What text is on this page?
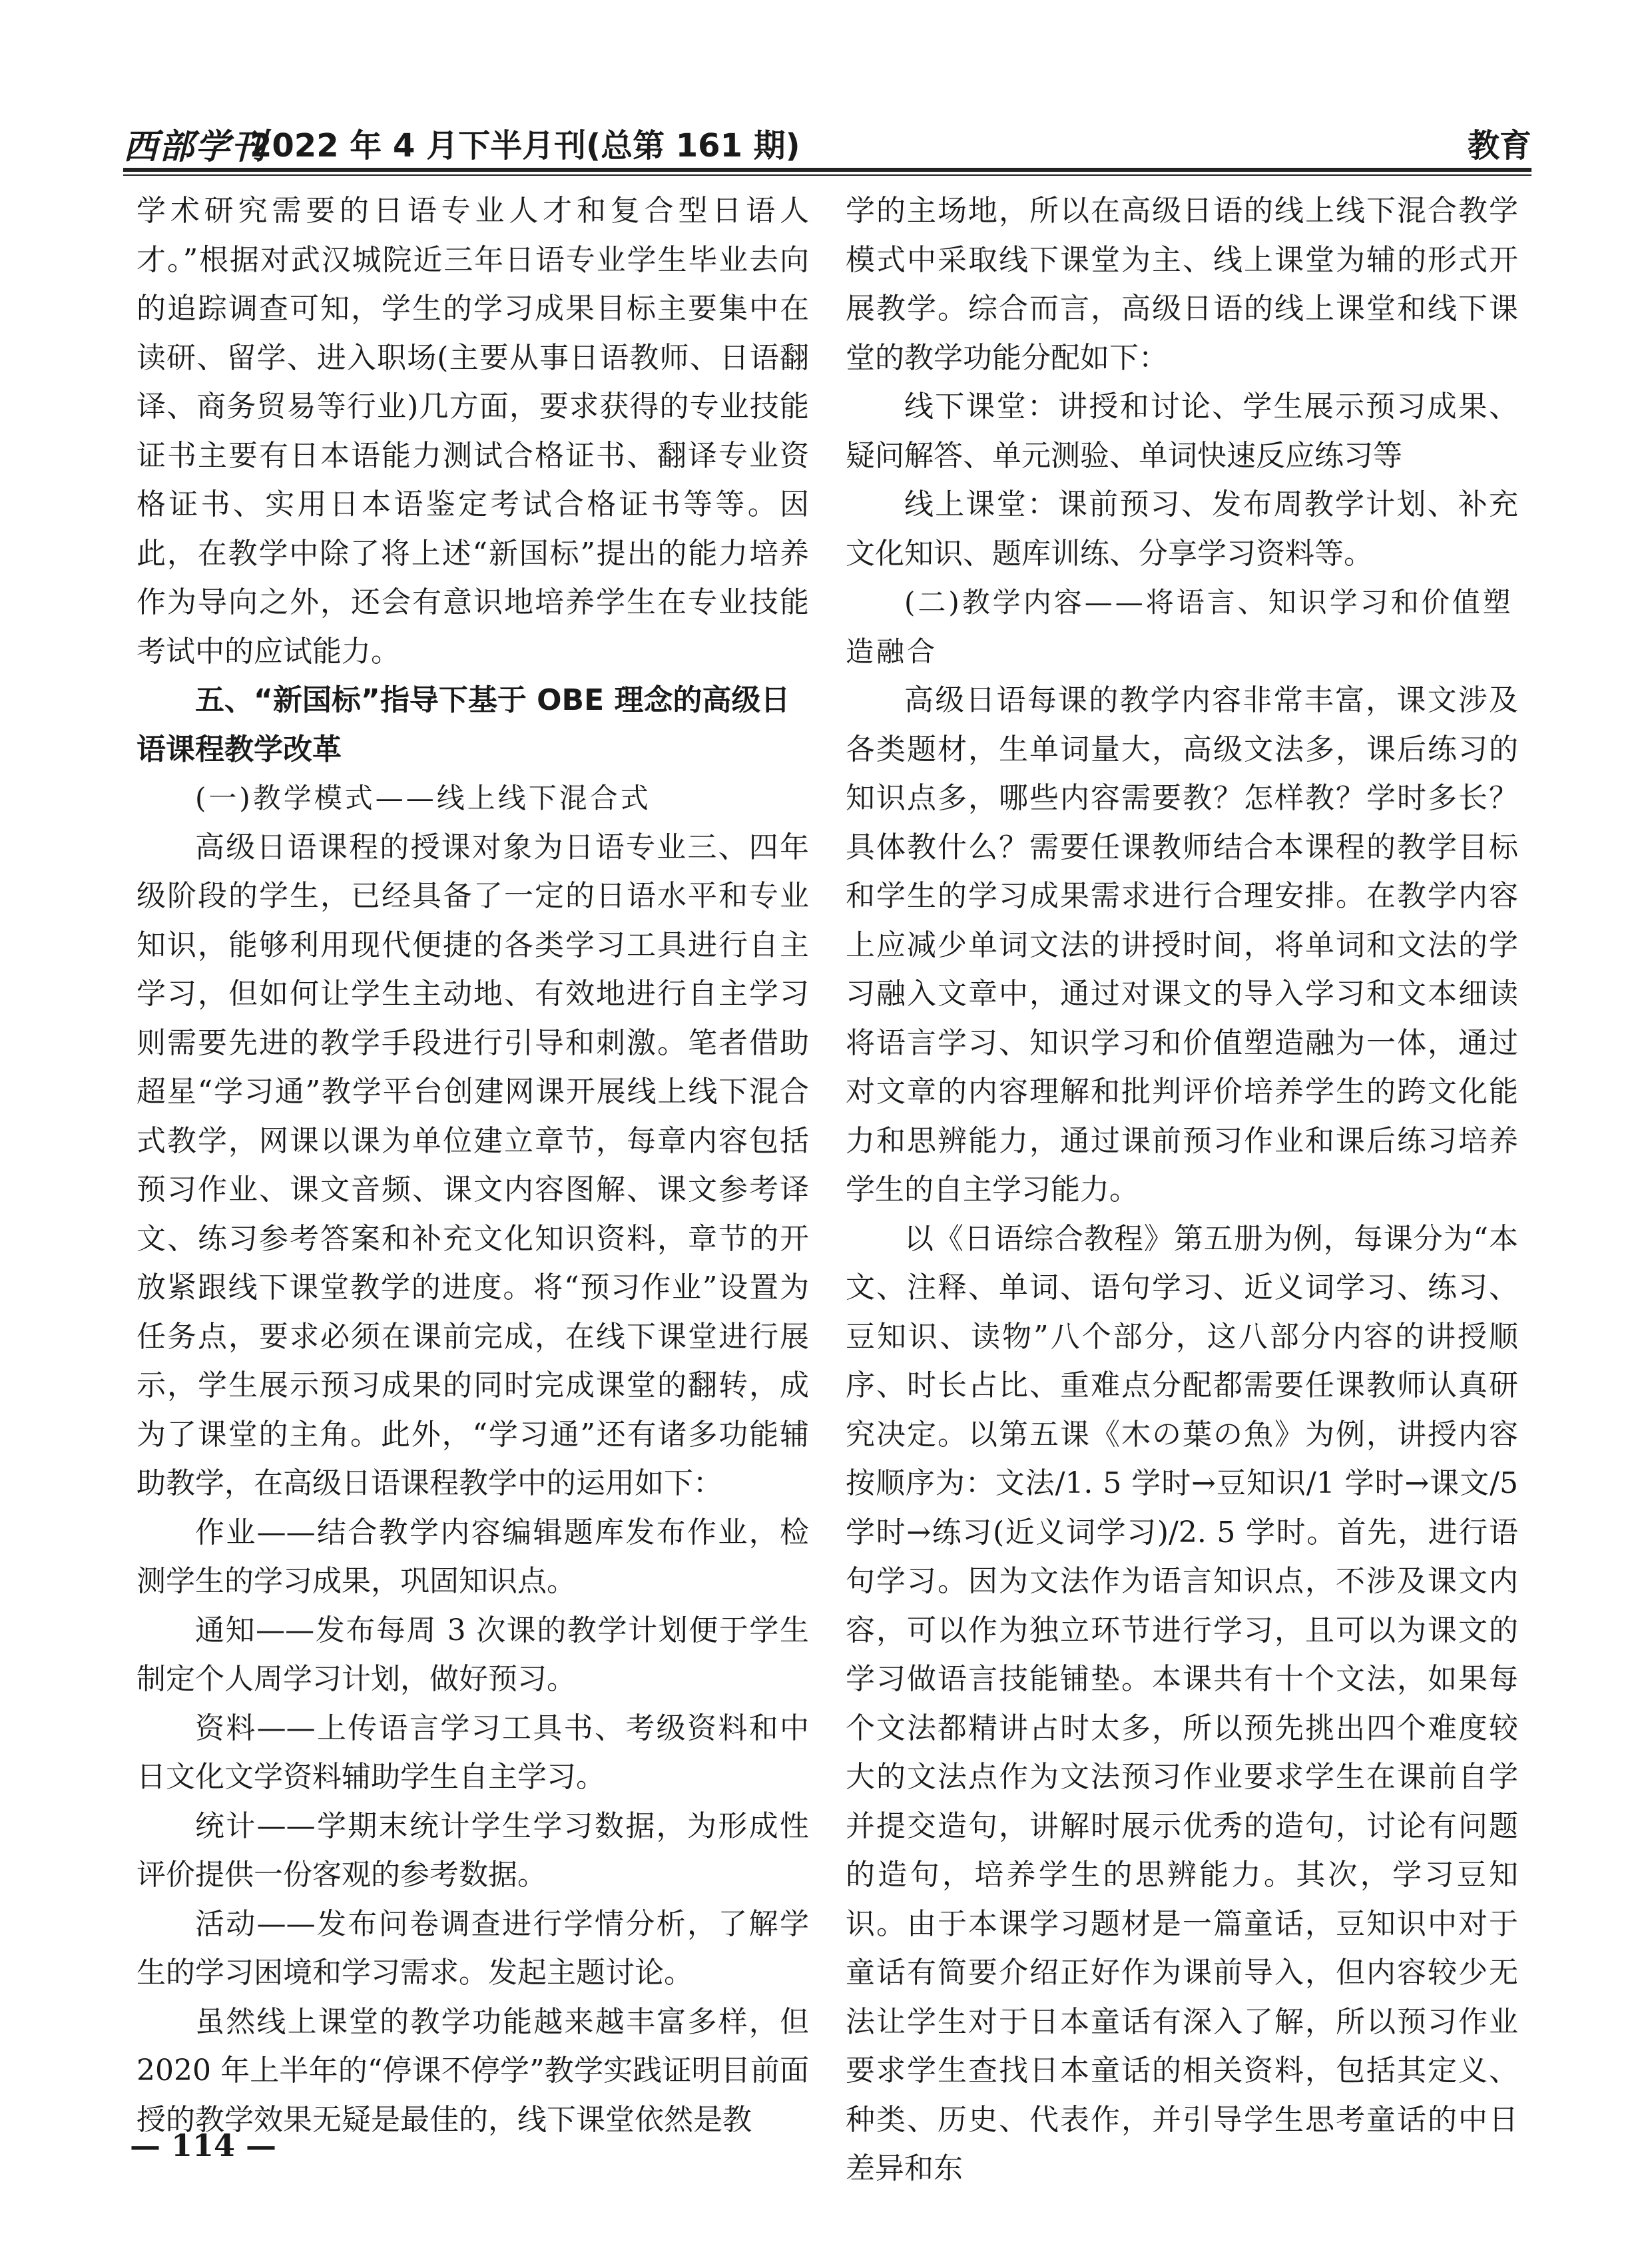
西部学刊
2022 年 4 月下半月刊(总第 161 期)	教育

学术研究需要的日语专业人才和复合型日语人才。”根据对武汉城院近三年日语专业学生毕业去向的追踪调查可知，学生的学习成果目标主要集中在读研、留学、进入职场(主要从事日语教师、日语翻译、商务贸易等行业)几方面，要求获得的专业技能证书主要有日本语能力测试合格证书、翻译专业资格证书、实用日本语鉴定考试合格证书等等。因此，在教学中除了将上述“新国标”提出的能力培养作为导向之外，还会有意识地培养学生在专业技能考试中的应试能力。

五、“新国标”指导下基于 OBE 理念的高级日语课程教学改革

(一)教学模式——线上线下混合式

高级日语课程的授课对象为日语专业三、四年级阶段的学生，已经具备了一定的日语水平和专业知识，能够利用现代便捷的各类学习工具进行自主学习，但如何让学生主动地、有效地进行自主学习则需要先进的教学手段进行引导和刺激。笔者借助超星“学习通”教学平台创建网课开展线上线下混合式教学，网课以课为单位建立章节，每章内容包括预习作业、课文音频、课文内容图解、课文参考译文、练习参考答案和补充文化知识资料，章节的开放紧跟线下课堂教学的进度。将“预习作业”设置为任务点，要求必须在课前完成，在线下课堂进行展示，学生展示预习成果的同时完成课堂的翻转，成为了课堂的主角。此外，“学习通”还有诸多功能辅助教学，在高级日语课程教学中的运用如下：

作业——结合教学内容编辑题库发布作业，检测学生的学习成果，巩固知识点。

通知——发布每周 3 次课的教学计划便于学生制定个人周学习计划，做好预习。

资料——上传语言学习工具书、考级资料和中日文化文学资料辅助学生自主学习。

统计——学期末统计学生学习数据，为形成性评价提供一份客观的参考数据。

活动——发布问卷调查进行学情分析，了解学生的学习困境和学习需求。发起主题讨论。

虽然线上课堂的教学功能越来越丰富多样，但 2020 年上半年的“停课不停学”教学实践证明目前面授的教学效果无疑是最佳的，线下课堂依然是教

学的主场地，所以在高级日语的线上线下混合教学模式中采取线下课堂为主、线上课堂为辅的形式开展教学。综合而言，高级日语的线上课堂和线下课堂的教学功能分配如下：

线下课堂：讲授和讨论、学生展示预习成果、疑问解答、单元测验、单词快速反应练习等

线上课堂：课前预习、发布周教学计划、补充文化知识、题库训练、分享学习资料等。

(二)教学内容——将语言、知识学习和价值塑造融合

高级日语每课的教学内容非常丰富，课文涉及各类题材，生单词量大，高级文法多，课后练习的知识点多，哪些内容需要教？怎样教？学时多长？具体教什么？需要任课教师结合本课程的教学目标和学生的学习成果需求进行合理安排。在教学内容上应减少单词文法的讲授时间，将单词和文法的学习融入文章中，通过对课文的导入学习和文本细读将语言学习、知识学习和价值塑造融为一体，通过对文章的内容理解和批判评价培养学生的跨文化能力和思辨能力，通过课前预习作业和课后练习培养学生的自主学习能力。

以《日语综合教程》第五册为例，每课分为“本文、注释、单词、语句学习、近义词学习、练习、豆知识、读物”八个部分，这八部分内容的讲授顺序、时长占比、重难点分配都需要任课教师认真研究决定。以第五课《木の葉の魚》为例，讲授内容按顺序为：文法/1. 5 学时→豆知识/1 学时→课文/5 学时→练习(近义词学习)/2. 5 学时。首先，进行语句学习。因为文法作为语言知识点，不涉及课文内容，可以作为独立环节进行学习，且可以为课文的学习做语言技能铺垫。本课共有十个文法，如果每个文法都精讲占时太多，所以预先挑出四个难度较大的文法点作为文法预习作业要求学生在课前自学并提交造句，讲解时展示优秀的造句，讨论有问题的造句，培养学生的思辨能力。其次，学习豆知识。由于本课学习题材是一篇童话，豆知识中对于童话有简要介绍正好作为课前导入，但内容较少无法让学生对于日本童话有深入了解，所以预习作业要求学生查找日本童话的相关资料，包括其定义、种类、历史、代表作，并引导学生思考童话的中日差异和东

— 114 —
